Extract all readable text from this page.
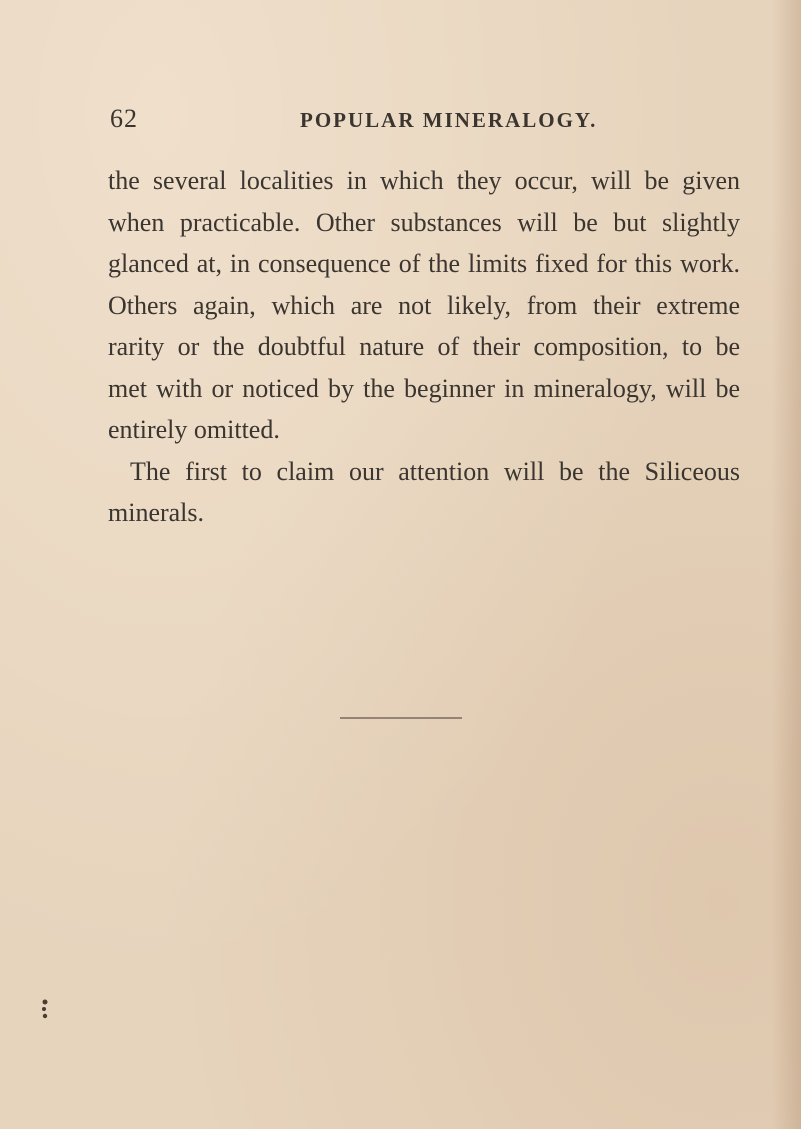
62	POPULAR MINERALOGY.
the several localities in which they occur, will be given
when practicable. Other substances will be but slightly
glanced at, in consequence of the limits fixed for this work.
Others again, which are not likely, from their extreme
rarity or the doubtful nature of their composition, to be
met with or noticed by the beginner in mineralogy, will be
entirely omitted.
The first to claim our attention will be the Siliceous
minerals.
